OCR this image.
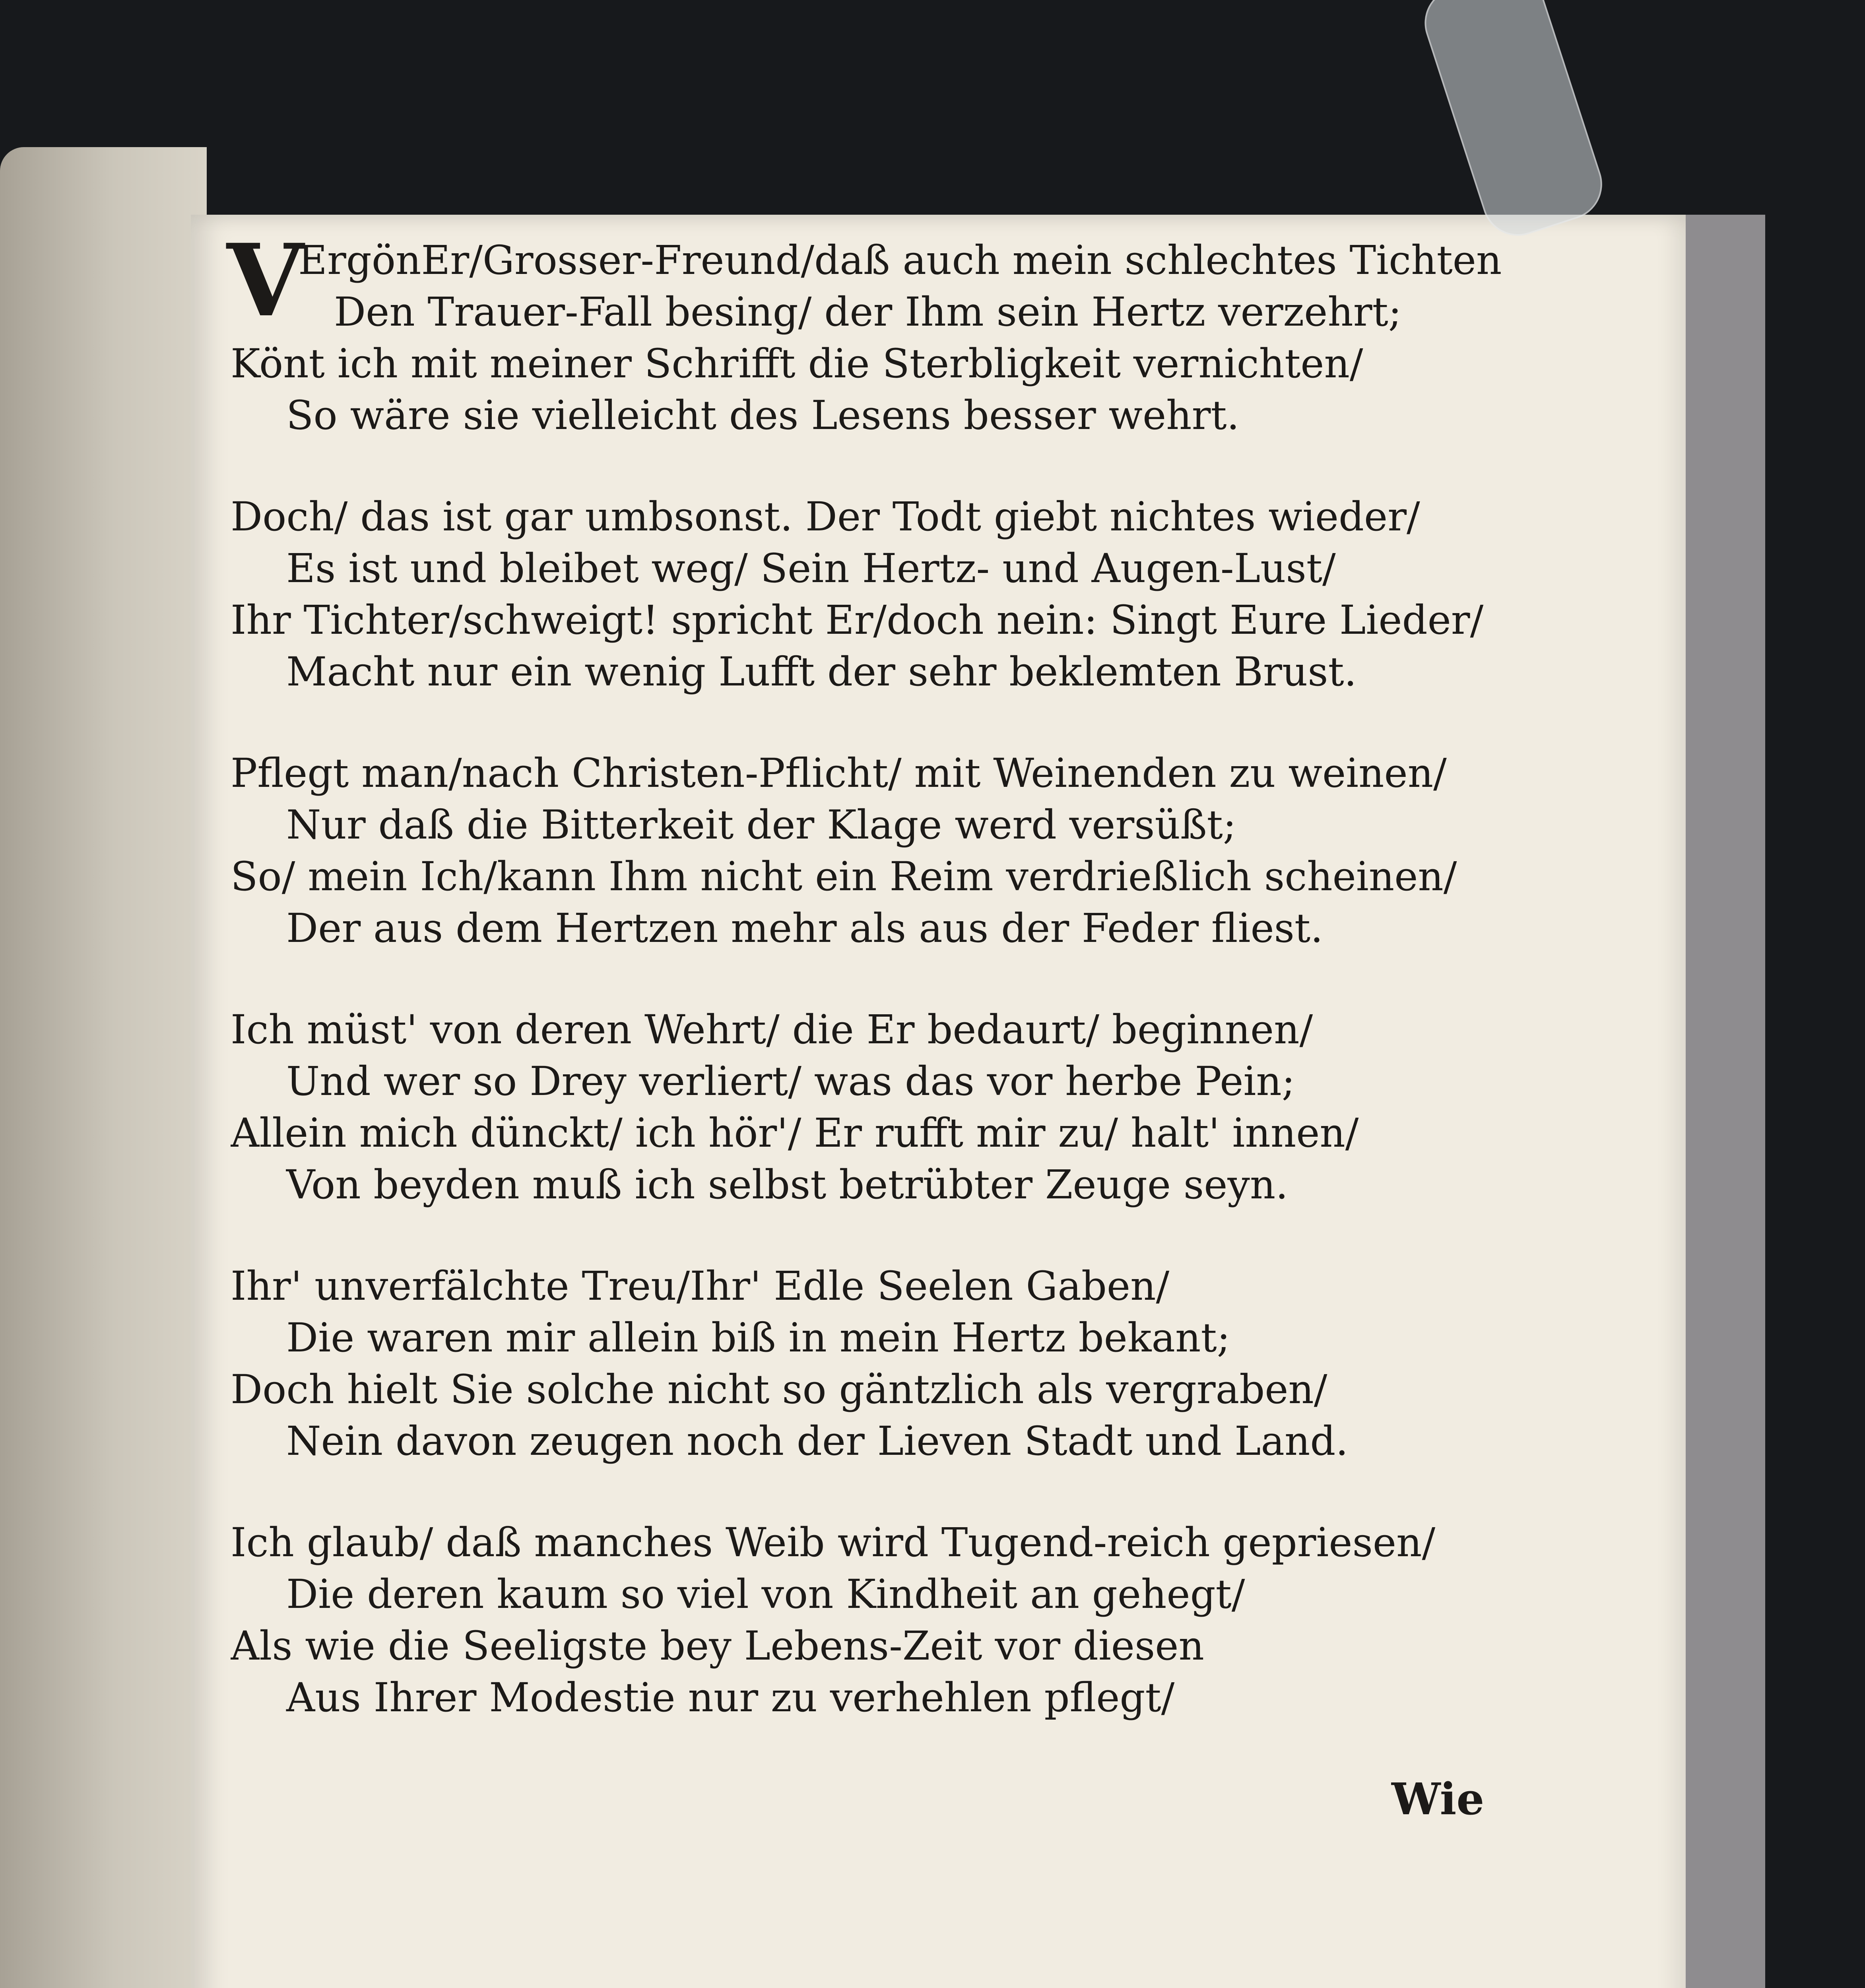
V
ErgönEr/Grosser-Freund/daß auch mein schlechtes Tichten
Den Trauer-Fall besing/ der Ihm sein Hertz verzehrt;
Könt ich mit meiner Schrifft die Sterbligkeit vernichten/
So wäre sie vielleicht des Lesens besser wehrt.
Doch/ das ist gar umbsonst. Der Todt giebt nichtes wieder/
Es ist und bleibet weg/ Sein Hertz- und Augen-Lust/
Ihr Tichter/schweigt! spricht Er/doch nein: Singt Eure Lieder/
Macht nur ein wenig Lufft der sehr beklemten Brust.
Pflegt man/nach Christen-Pflicht/ mit Weinenden zu weinen/
Nur daß die Bitterkeit der Klage werd versüßt;
So/ mein Ich/kann Ihm nicht ein Reim verdrießlich scheinen/
Der aus dem Hertzen mehr als aus der Feder fliest.
Ich müst' von deren Wehrt/ die Er bedaurt/ beginnen/
Und wer so Drey verliert/ was das vor herbe Pein;
Allein mich dünckt/ ich hör'/ Er rufft mir zu/ halt' innen/
Von beyden muß ich selbst betrübter Zeuge seyn.
Ihr' unverfälchte Treu/Ihr' Edle Seelen Gaben/
Die waren mir allein biß in mein Hertz bekant;
Doch hielt Sie solche nicht so gäntzlich als vergraben/
Nein davon zeugen noch der Lieven Stadt und Land.
Ich glaub/ daß manches Weib wird Tugend-reich gepriesen/
Die deren kaum so viel von Kindheit an gehegt/
Als wie die Seeligste bey Lebens-Zeit vor diesen
Aus Ihrer Modestie nur zu verhehlen pflegt/
Wie
